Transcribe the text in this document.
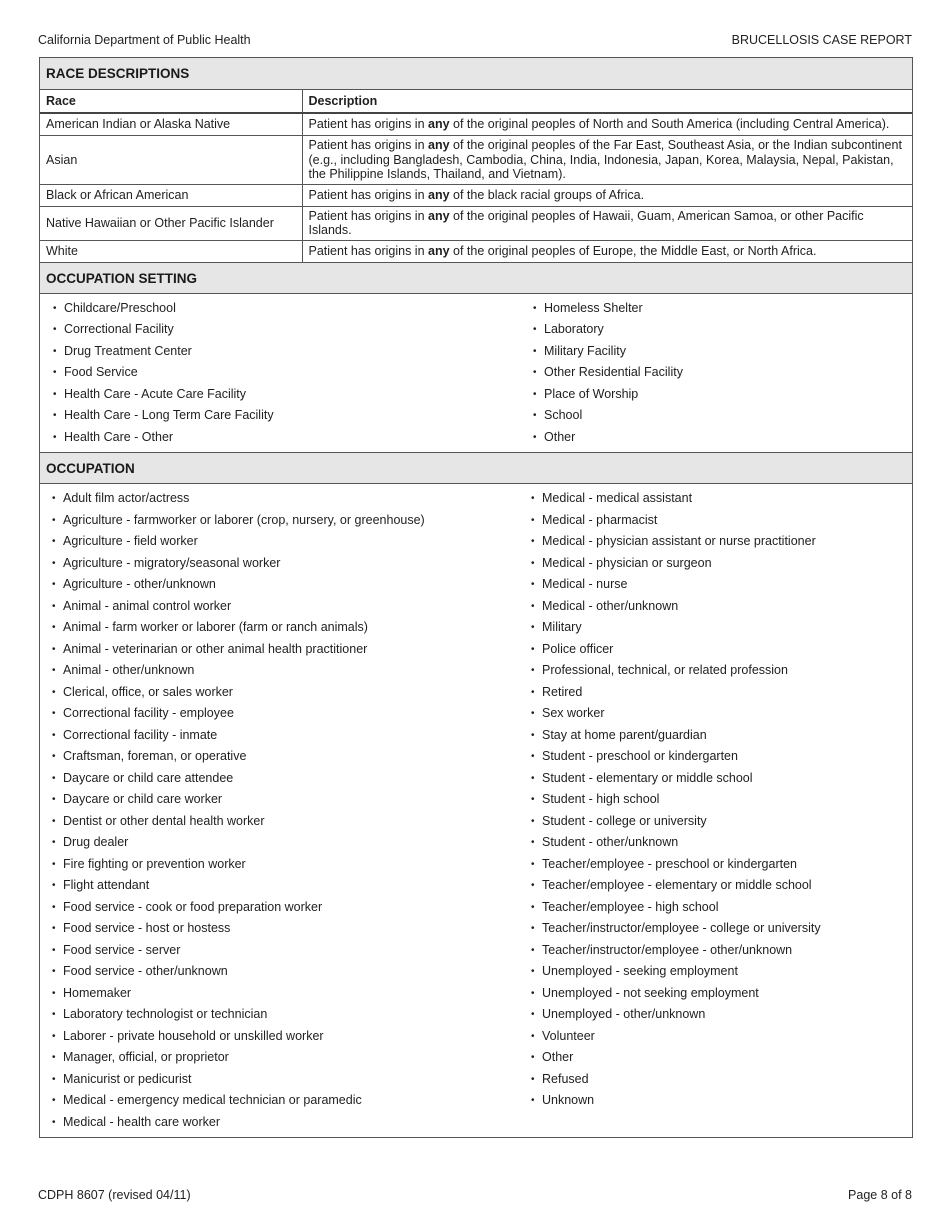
California Department of Public Health	BRUCELLOSIS CASE REPORT
RACE DESCRIPTIONS
Race	Description
American Indian or Alaska Native	Patient has origins in any of the original peoples of North and South America (including Central America).
Asian	Patient has origins in any of the original peoples of the Far East, Southeast Asia, or the Indian subcontinent (e.g., including Bangladesh, Cambodia, China, India, Indonesia, Japan, Korea, Malaysia, Nepal, Pakistan, the Philippine Islands, Thailand, and Vietnam).
Black or African American	Patient has origins in any of the black racial groups of Africa.
Native Hawaiian or Other Pacific Islander	Patient has origins in any of the original peoples of Hawaii, Guam, American Samoa, or other Pacific Islands.
White	Patient has origins in any of the original peoples of Europe, the Middle East, or North Africa.
OCCUPATION SETTING
• Childcare/Preschool
• Correctional Facility
• Drug Treatment Center
• Food Service
• Health Care - Acute Care Facility
• Health Care - Long Term Care Facility
• Health Care - Other
• Homeless Shelter
• Laboratory
• Military Facility
• Other Residential Facility
• Place of Worship
• School
• Other
OCCUPATION
• Adult film actor/actress
• Agriculture - farmworker or laborer (crop, nursery, or greenhouse)
• Agriculture - field worker
• Agriculture - migratory/seasonal worker
• Agriculture - other/unknown
• Animal - animal control worker
• Animal - farm worker or laborer (farm or ranch animals)
• Animal - veterinarian or other animal health practitioner
• Animal - other/unknown
• Clerical, office, or sales worker
• Correctional facility - employee
• Correctional facility - inmate
• Craftsman, foreman, or operative
• Daycare or child care attendee
• Daycare or child care worker
• Dentist or other dental health worker
• Drug dealer
• Fire fighting or prevention worker
• Flight attendant
• Food service - cook or food preparation worker
• Food service - host or hostess
• Food service - server
• Food service - other/unknown
• Homemaker
• Laboratory technologist or technician
• Laborer - private household or unskilled worker
• Manager, official, or proprietor
• Manicurist or pedicurist
• Medical - emergency medical technician or paramedic
• Medical - health care worker
• Medical - medical assistant
• Medical - pharmacist
• Medical - physician assistant or nurse practitioner
• Medical - physician or surgeon
• Medical - nurse
• Medical - other/unknown
• Military
• Police officer
• Professional, technical, or related profession
• Retired
• Sex worker
• Stay at home parent/guardian
• Student - preschool or kindergarten
• Student - elementary or middle school
• Student - high school
• Student - college or university
• Student - other/unknown
• Teacher/employee - preschool or kindergarten
• Teacher/employee - elementary or middle school
• Teacher/employee - high school
• Teacher/instructor/employee - college or university
• Teacher/instructor/employee - other/unknown
• Unemployed - seeking employment
• Unemployed - not seeking employment
• Unemployed - other/unknown
• Volunteer
• Other
• Refused
• Unknown
CDPH 8607 (revised 04/11)	Page 8 of 8
